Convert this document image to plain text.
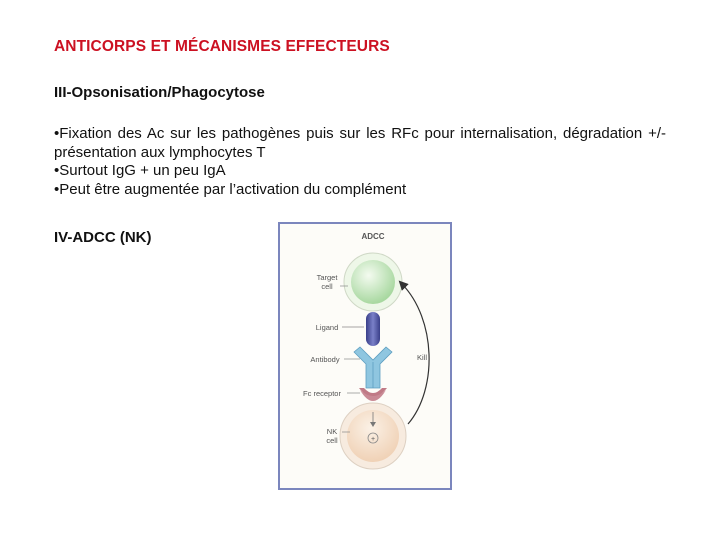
ANTICORPS ET MÉCANISMES EFFECTEURS
III-Opsonisation/Phagocytose

•Fixation des Ac sur les pathogènes puis sur les RFc pour internalisation, dégradation +/-présentation aux lymphocytes T

•Surtout IgG + un peu IgA

•Peut être augmentée par l’activation du complément

IV-ADCC (NK)	ADCC
+
Kill
Target
cell
Ligand
Antibody
Fc receptor
NK
cell
